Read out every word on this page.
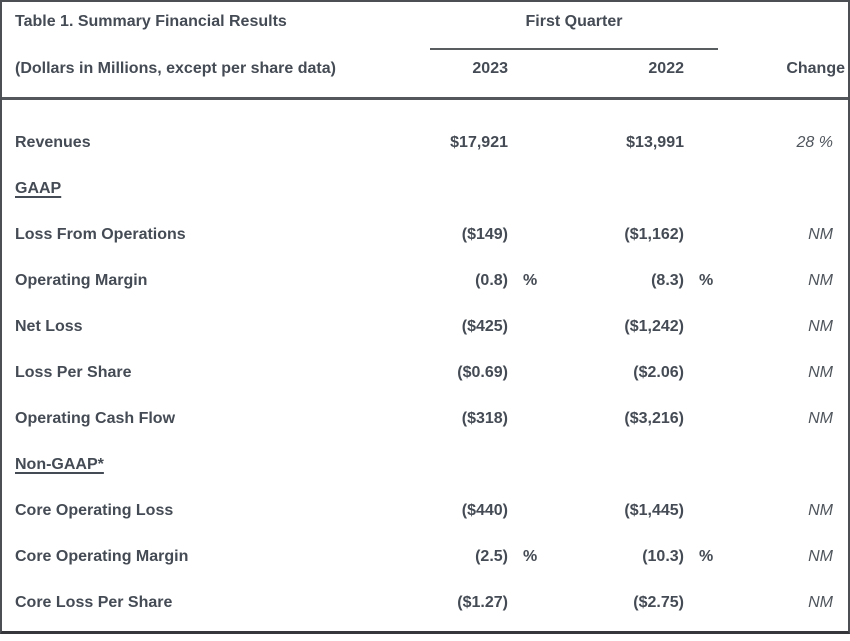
Table 1. Summary Financial Results	First Quarter
(Dollars in Millions, except per share data)	2023	2022	Change
Revenues	$17,921	$13,991	28 %
GAAP
Loss From Operations	($149)	($1,162)	NM
Operating Margin	(0.8) %	(8.3) %	NM
Net Loss	($425)	($1,242)	NM
Loss Per Share	($0.69)	($2.06)	NM
Operating Cash Flow	($318)	($3,216)	NM
Non-GAAP*
Core Operating Loss	($440)	($1,445)	NM
Core Operating Margin	(2.5) %	(10.3) %	NM
Core Loss Per Share	($1.27)	($2.75)	NM
